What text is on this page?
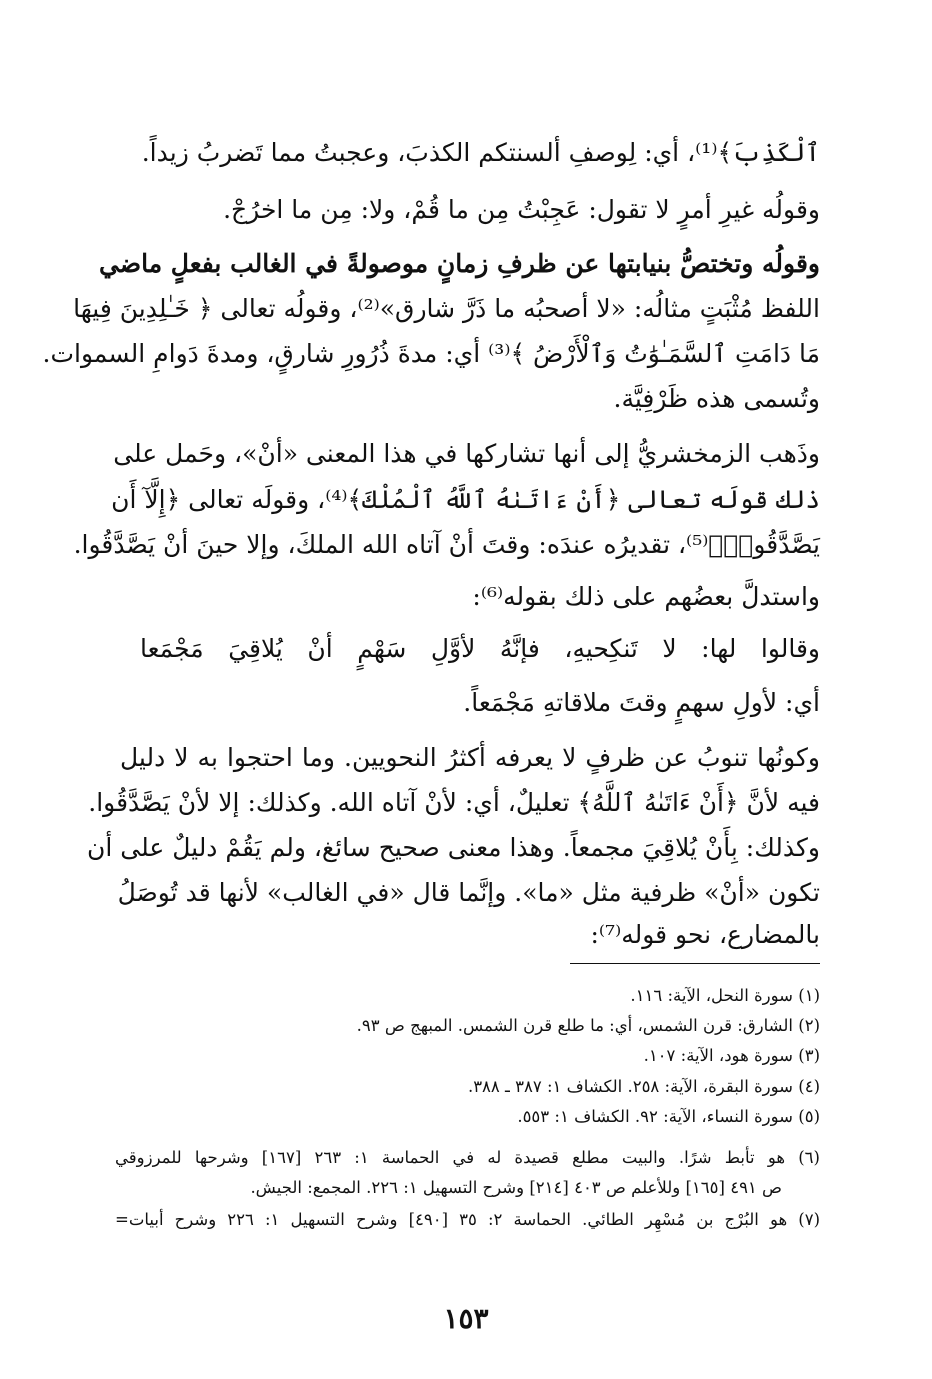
ٱلْكَذِبَ﴾⁽¹⁾، أي: لِوصفِ ألسنتكم الكذبَ، وعجبتُ مما تَضربُ زيداً.
وقولُه غيرِ أمرٍ لا تقول: عَجِبْتُ مِن ما قُمْ، ولا: مِن ما اخرُجْ.
وقولُه وتختصُّ بنيابتها عن ظرفِ زمانٍ موصولةً في الغالب بفعلٍ ماضي
اللفظ مُثْبَتٍ مثالُه: «لا أصحبُه ما ذَرَّ شارق»⁽²⁾، وقولُه تعالى ﴿ خَـٰلِدِينَ فِيهَا
مَا دَامَتِ ٱلسَّمَـٰوَٰتُ وَٱلْأَرْضُ ﴾⁽³⁾ أي: مدةَ ذُرُورِ شارقٍ، ومدةَ دَوامِ السموات.
وتُسمى هذه ظَرْفِيَّة.
وذَهب الزمخشريُّ إلى أنها تشاركها في هذا المعنى «أنْ»، وحَمل على
ذلك قولَه تعالى ﴿أَنْ ءَاتَىٰهُ ٱللَّهُ ٱلْمُلْكَ﴾⁽⁴⁾، وقولَه تعالى ﴿إِلَّآ أَن
يَصَّدَّقُوا۟﴾⁽⁵⁾، تقديرُه عندَه: وقتَ أنْ آتاه الله الملكَ، وإلا حينَ أنْ يَصَّدَّقُوا.
واستدلَّ بعضُهم على ذلك بقوله⁽⁶⁾:
وقالوا لها: لا تَنكِحيهِ، فإنَّهُ لأوَّلِ سَهْمٍ أنْ يُلاقِيَ مَجْمَعا
أي: لأولِ سهمٍ وقتَ ملاقاتهِ مَجْمَعاً.
وكونُها تنوبُ عن ظرفٍ لا يعرفه أكثرُ النحويين. وما احتجوا به لا دليل
فيه لأنَّ ﴿أَنْ ءَاتَىٰهُ ٱللَّهُ﴾ تعليلٌ، أي: لأنْ آتاه الله. وكذلك: إلا لأنْ يَصَّدَّقُوا.
وكذلك: بِأَنْ يُلاقِيَ مجمعاً. وهذا معنى صحيح سائغ، ولم يَقُمْ دليلٌ على أن
تكون «أنْ» ظرفية مثل «ما». وإنَّما قال «في الغالب» لأنها قد تُوصَلُ
بالمضارع، نحو قوله⁽⁷⁾:
(١) سورة النحل، الآية: ١١٦.
(٢) الشارق: قرن الشمس، أي: ما طلع قرن الشمس. المبهج ص ٩٣.
(٣) سورة هود، الآية: ١٠٧.
(٤) سورة البقرة، الآية: ٢٥٨. الكشاف ١: ٣٨٧ ـ ٣٨٨.
(٥) سورة النساء، الآية: ٩٢. الكشاف ١: ٥٥٣.
(٦) هو تأبط شرًا. والبيت مطلع قصيدة له في الحماسة ١: ٢٦٣ [١٦٧] وشرحها للمرزوقي
ص ٤٩١ [١٦٥] وللأعلم ص ٤٠٣ [٢١٤] وشرح التسهيل ١: ٢٢٦. المجمع: الجيش.
(٧) هو البُرْج بن مُسْهِر الطائي. الحماسة ٢: ٣٥ [٤٩٠] وشرح التسهيل ١: ٢٢٦ وشرح أبيات=
١٥٣
